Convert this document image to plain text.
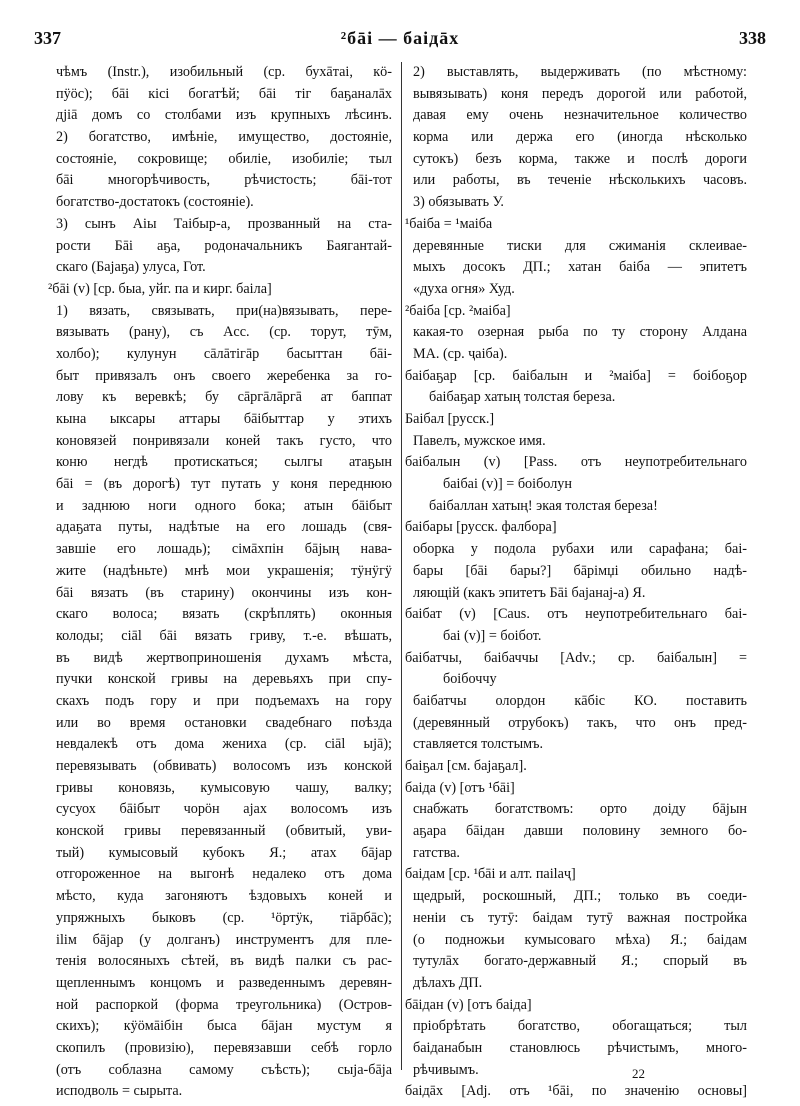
337	²бāі — баідāх	338
чѣмъ (Instr.), изобильный (ср. бухāтаі, кӧ-
пӱӧс); бāі кісі богатѣй; бāі тіг баҕаналāх
дјіā домъ со столбами изъ крупныхъ лѣсинъ.
2) богатство, имѣніе, имущество, достояніе,
состояніе, сокровище; обиліе, изобиліе; тыл
бāі многорѣчивость, рѣчистость; бāі-тот
богатство-достатокъ (состояніе).
3) сынъ Аіы Таібыр-а, прозванный на ста-
рости Бāі аҕа, родоначальникъ Баягантай-
скаго (Бајаҕа) улуса, Гот.
²бāі (v) [ср. быа, уйг. па и кирг. баіла]
1) вязать, связывать, при(на)вязывать, пере-
вязывать (рану), съ Acc. (ср. торут, тӯм,
холбо); кулунун сāлāтігāр басыттан бāі-
быт привязалъ онъ своего жеребенка за го-
лову къ веревкѣ; бу сāргāлāргā ат баппат
кына ыксары аттары бāібыттар у этихъ
коновязей понривязали коней такъ густо, что
коню негдѣ протискаться; сылгы атаҕын
бāі = (въ дорогѣ) тут путать у коня переднюю
и заднюю ноги одного бока; атын бāібыт
адаҕата путы, надѣтые на его лошадь (свя-
завшіе его лошадь); сімāхпін бāјың нава-
жите (надѣньте) мнѣ мои украшенія; тӱнӱгӱ
бāі вязать (въ старину) окончины изъ кон-
скаго волоса; вязать (скрѣплять) оконныя
колоды; сіāl бāі вязать гриву, т.-е. вѣшать,
въ видѣ жертвоприношенія духамъ мѣста,
пучки конской гривы на деревьяхъ при спу-
скахъ подъ гору и при подъемахъ на гору
или во время остановки свадебнаго поѣзда
невдалекѣ отъ дома жениха (ср. сіāl ыјā);
перевязывать (обвивать) волосомъ изъ конской
гривы коновязь, кумысовую чашу, валку;
сусуох бāібыт чорӧн аjах волосомъ изъ
конской гривы перевязанный (обвитый, уви-
тый) кумысовый кубокъ Я.; атах бāјар
отгороженное на выгонѣ недалеко отъ дома
мѣсто, куда загоняютъ ѣздовыхъ коней и
упряжныхъ быковъ (ср. ¹ӧртӱк, тіāрбāс);
іlім бāјар (у долганъ) инструментъ для пле-
тенія волосяныхъ сѣтей, въ видѣ палки съ рас-
щепленнымъ концомъ и разведеннымъ деревян-
ной распоркой (форма треугольника) (Остров-
скихъ); кӱӧмāібін быса бāјан мустум я
скопилъ (провизію), перевязавши себѣ горло
(отъ соблазна самому съѣсть); сыја-бāја
исподволь = сырыта.
2) выставлять, выдерживать (по мѣстному:
вывязывать) коня передъ дорогой или работой,
давая ему очень незначительное количество
корма или держа его (иногда нѣсколько
сутокъ) безъ корма, также и послѣ дороги
или работы, въ теченіе нѣсколькихъ часовъ.
3) обязывать У.
¹баіба = ¹маіба
деревянные тиски для сжиманія склеивае-
мыхъ досокъ ДП.; хатан баіба — эпитетъ
«духа огня» Худ.
²баіба [ср. ²маіба]
какая-то озерная рыба по ту сторону Алдана
МА. (ср. ҷаіба).
баібаҕар [ср. баібалын и ²маіба] = боібоҕор
баібаҕар хатың толстая береза.
Баібал [русск.]
Павелъ, мужское имя.
баібалын (v) [Pass. отъ неупотребительнаго
баібаі (v)] = боіболун
баібаллан хатың! экая толстая береза!
баібары [русск. фалбора]
оборка у подола рубахи или сарафана; баі-
бары [бāі бары?] бāрімџі обильно надѣ-
ляющій (какъ эпитетъ Бāі баjанаj-а) Я.
баібат (v) [Caus. отъ неупотребительнаго баі-
баі (v)] = боібот.
баібатчы, баібаччы [Adv.; ср. баібалын] =
боібоччу
баібатчы олордон кāбіс КО. поставить
(деревянный отрубокъ) такъ, что онъ пред-
ставляется толстымъ.
баіҕал [см. баjаҕал].
баіда (v) [отъ ¹бāі]
снабжать богатствомъ: орто доіду бāјын
аҕара бāідан давши половину земного бо-
гатства.
баідам [ср. ¹бāі и алт. паіlаҷ]
щедрый, роскошный, ДП.; только въ соеди-
неніи съ тутӯ: баідам тутӯ важная постройка
(о подножьи кумысоваго мѣха) Я.; баідам
тутулāх богато-державный Я.; спорый въ
дѣлахъ ДП.
бāідан (v) [отъ баіда]
пріобрѣтать богатство, обогащаться; тыл
баіданабын становлюсь рѣчистымъ, много-
рѣчивымъ.
баідāх [Adj. отъ ¹бāі, по значенію основы]
22
